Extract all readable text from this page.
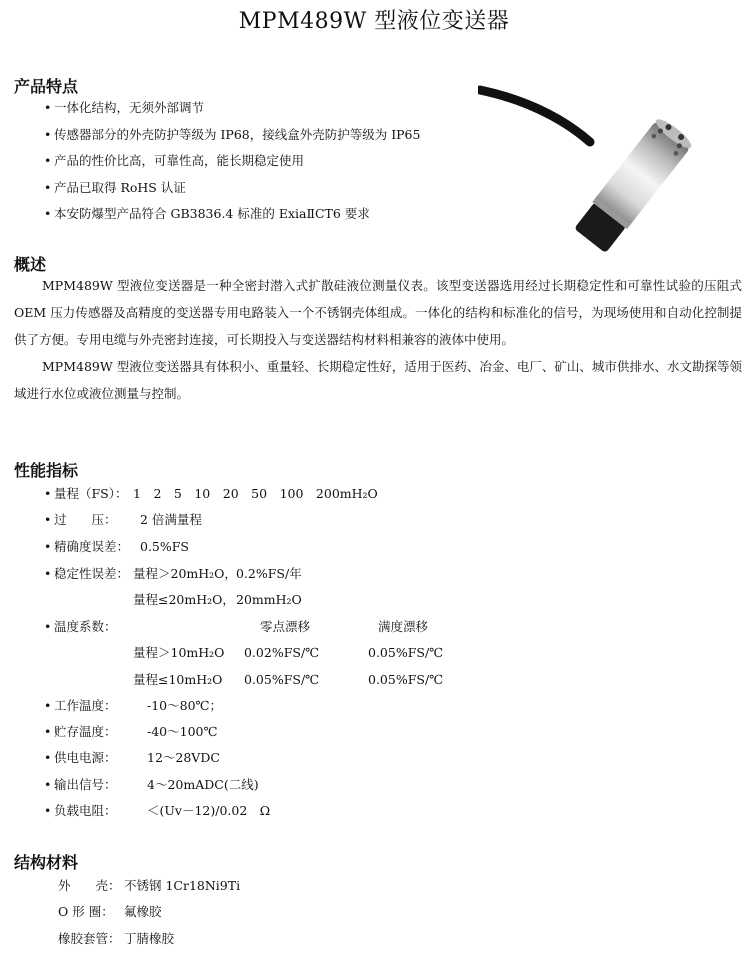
MPM489W 型液位变送器
产品特点
• 一体化结构，无须外部调节
• 传感器部分的外壳防护等级为 IP68，接线盒外壳防护等级为 IP65
• 产品的性价比高，可靠性高，能长期稳定使用
• 产品已取得 RoHS 认证
• 本安防爆型产品符合 GB3836.4 标准的 ExiaⅡCT6 要求
概述

MPM489W 型液位变送器是一种全密封潜入式扩散硅液位测量仪表。该型变送器选用经过长期稳定性和可靠性试验的压阻式 OEM 压力传感器及高精度的变送器专用电路装入一个不锈钢壳体组成。一体化的结构和标准化的信号，为现场使用和自动化控制提供了方便。专用电缆与外壳密封连接，可长期投入与变送器结构材料相兼容的液体中使用。

MPM489W 型液位变送器具有体积小、重量轻、长期稳定性好，适用于医药、冶金、电厂、矿山、城市供排水、水文勘探等领域进行水位或液位测量与控制。

性能指标
• 量程（FS）： 1　2　5　10　20　50　100　200mH₂O
• 过　　压： 2 倍满量程
• 精确度误差： 0.5%FS
• 稳定性误差： 量程＞20mH₂O， 0.2%FS/年
量程≤20mH₂O， 20mmH₂O
• 温度系数：	零点漂移	满度漂移
量程＞10mH₂O 0.02%FS/℃	0.05%FS/℃
量程≤10mH₂O 0.05%FS/℃	0.05%FS/℃
• 工作温度： -10～80℃；
• 贮存温度： -40～100℃
• 供电电源： 12～28VDC
• 输出信号： 4～20mADC(二线)
• 负载电阻： ＜(Uv－12)/0.02　Ω
结构材料
外　　壳： 不锈钢 1Cr18Ni9Ti
O 形 圈： 氟橡胶
橡胶套管： 丁腈橡胶
